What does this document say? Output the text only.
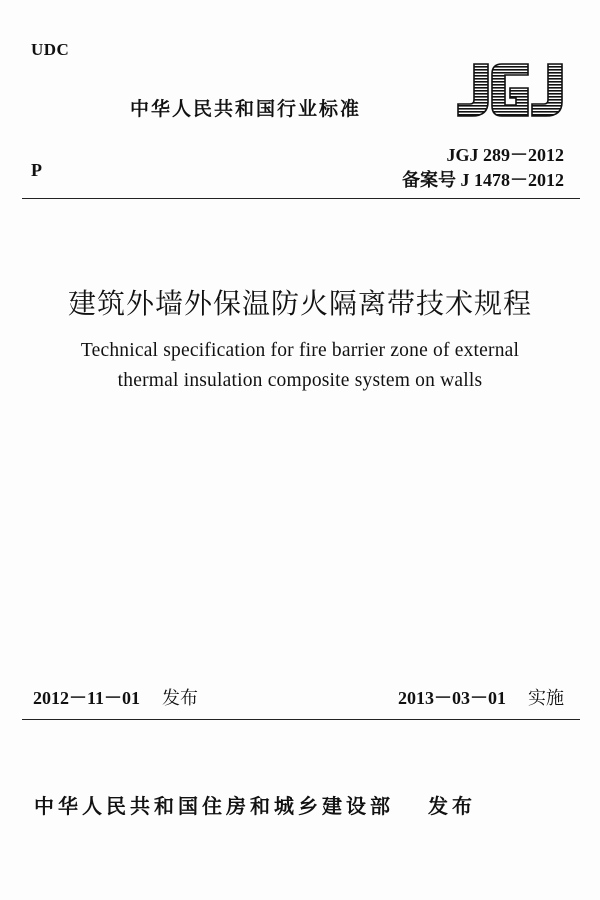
UDC
中华人民共和国行业标准
P
JGJ 289－2012
备案号 J 1478－2012
建筑外墙外保温防火隔离带技术规程
Technical specification for fire barrier zone of external
thermal insulation composite system on walls
2012－11－01 发布	2013－03－01 实施
中华人民共和国住房和城乡建设部 发布
